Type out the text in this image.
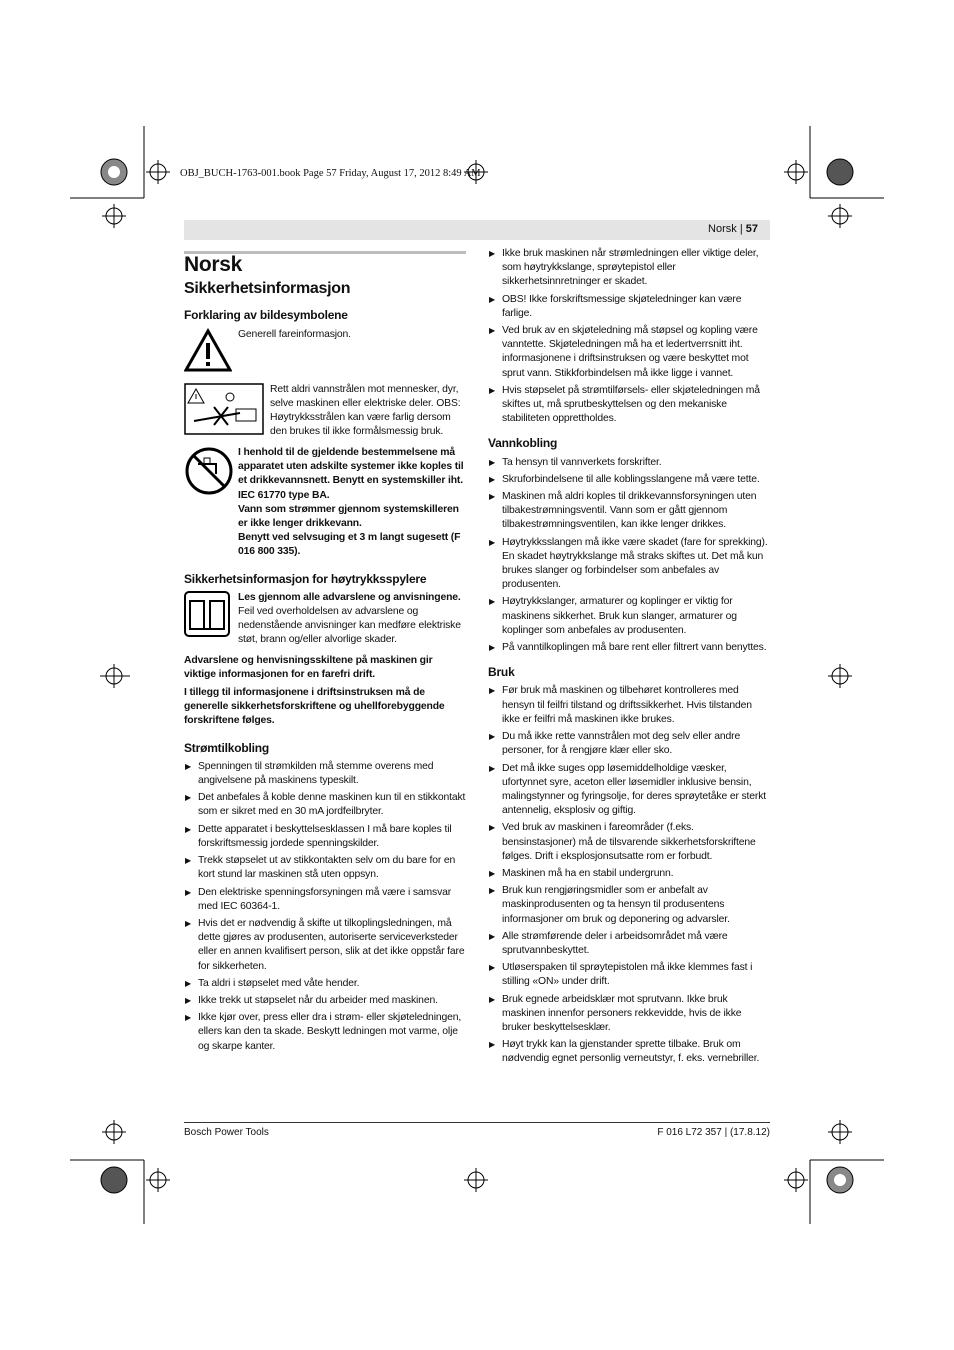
OBJ_BUCH-1763-001.book Page 57 Friday, August 17, 2012 8:49 AM
Norsk | 57
Norsk
Sikkerhetsinformasjon
Forklaring av bildesymbolene
Generell fareinformasjon.
Rett aldri vannstrålen mot mennesker, dyr, selve maskinen eller elektriske deler. OBS: Høytrykksstrålen kan være farlig dersom den brukes til ikke formålsmessig bruk.

I henhold til de gjeldende bestemmelsene må apparatet uten adskilte systemer ikke koples til et drikkevannsnett. Benytt en systemskiller iht. IEC 61770 type BA.

Vann som strømmer gjennom systemskilleren er ikke lenger drikkevann.

Benytt ved selvsuging et 3 m langt sugesett (F 016 800 335).

Sikkerhetsinformasjon for høytrykksspylere
Les gjennom alle advarslene og anvisningene. Feil ved overholdelsen av advarslene og nedenstående anvisninger kan medføre elektriske støt, brann og/eller alvorlige skader.

Advarslene og henvisningsskiltene på maskinen gir viktige informasjonen for en farefri drift.

I tillegg til informasjonene i driftsinstruksen må de generelle sikkerhetsforskriftene og uhellforebyggende forskriftene følges.

Strømtilkobling
▶ Spenningen til strømkilden må stemme overens med angivelsene på maskinens typeskilt.
▶ Det anbefales å koble denne maskinen kun til en stikkontakt som er sikret med en 30 mA jordfeilbryter.
▶ Dette apparatet i beskyttelsesklassen I må bare koples til forskriftsmessig jordede spenningskilder.
▶ Trekk støpselet ut av stikkontakten selv om du bare for en kort stund lar maskinen stå uten oppsyn.
▶ Den elektriske spenningsforsyningen må være i samsvar med IEC 60364-1.
▶ Hvis det er nødvendig å skifte ut tilkoplingsledningen, må dette gjøres av produsenten, autoriserte serviceverksteder eller en annen kvalifisert person, slik at det ikke oppstår fare for sikkerheten.
▶ Ta aldri i støpselet med våte hender.
▶ Ikke trekk ut støpselet når du arbeider med maskinen.
▶ Ikke kjør over, press eller dra i strøm- eller skjøteledningen, ellers kan den ta skade. Beskytt ledningen mot varme, olje og skarpe kanter.
▶ Ikke bruk maskinen når strømledningen eller viktige deler, som høytrykkslange, sprøytepistol eller sikkerhetsinnretninger er skadet.
▶ OBS! Ikke forskriftsmessige skjøteledninger kan være farlige.
▶ Ved bruk av en skjøteledning må støpsel og kopling være vanntette. Skjøteledningen må ha et ledertverrsnitt iht. informasjonene i driftsinstruksen og være beskyttet mot sprut vann. Stikkforbindelsen må ikke ligge i vannet.
▶ Hvis støpselet på strømtilførsels- eller skjøteledningen må skiftes ut, må sprutbeskyttelsen og den mekaniske stabiliteten opprettholdes.
Vannkobling
▶ Ta hensyn til vannverkets forskrifter.
▶ Skruforbindelsene til alle koblingsslangene må være tette.
▶ Maskinen må aldri koples til drikkevannsforsyningen uten tilbakestrømningsventil. Vann som er gått gjennom tilbakestrømningsventilen, kan ikke lenger drikkes.
▶ Høytrykksslangen må ikke være skadet (fare for sprekking). En skadet høytrykkslange må straks skiftes ut. Det må kun brukes slanger og forbindelser som anbefales av produsenten.
▶ Høytrykkslanger, armaturer og koplinger er viktig for maskinens sikkerhet. Bruk kun slanger, armaturer og koplinger som anbefales av produsenten.
▶ På vanntilkoplingen må bare rent eller filtrert vann benyttes.
Bruk
▶ Før bruk må maskinen og tilbehøret kontrolleres med hensyn til feilfri tilstand og driftssikkerhet. Hvis tilstanden ikke er feilfri må maskinen ikke brukes.
▶ Du må ikke rette vannstrålen mot deg selv eller andre personer, for å rengjøre klær eller sko.
▶ Det må ikke suges opp løsemiddelholdige væsker, ufortynnet syre, aceton eller løsemidler inklusive bensin, malingstynner og fyringsolje, for deres sprøytetåke er sterkt antennelig, eksplosiv og giftig.
▶ Ved bruk av maskinen i fareområder (f.eks. bensinstasjoner) må de tilsvarende sikkerhetsforskriftene følges. Drift i eksplosjonsutsatte rom er forbudt.
▶ Maskinen må ha en stabil undergrunn.
▶ Bruk kun rengjøringsmidler som er anbefalt av maskinprodusenten og ta hensyn til produsentens informasjoner om bruk og deponering og advarsler.
▶ Alle strømførende deler i arbeidsområdet må være sprutvannbeskyttet.
▶ Utløserspaken til sprøytepistolen må ikke klemmes fast i stilling «ON» under drift.
▶ Bruk egnede arbeidsklær mot sprutvann. Ikke bruk maskinen innenfor personers rekkevidde, hvis de ikke bruker beskyttelsesklær.
▶ Høyt trykk kan la gjenstander sprette tilbake. Bruk om nødvendig egnet personlig verneutstyr, f. eks. vernebriller.
Bosch Power Tools	F 016 L72 357 | (17.8.12)
